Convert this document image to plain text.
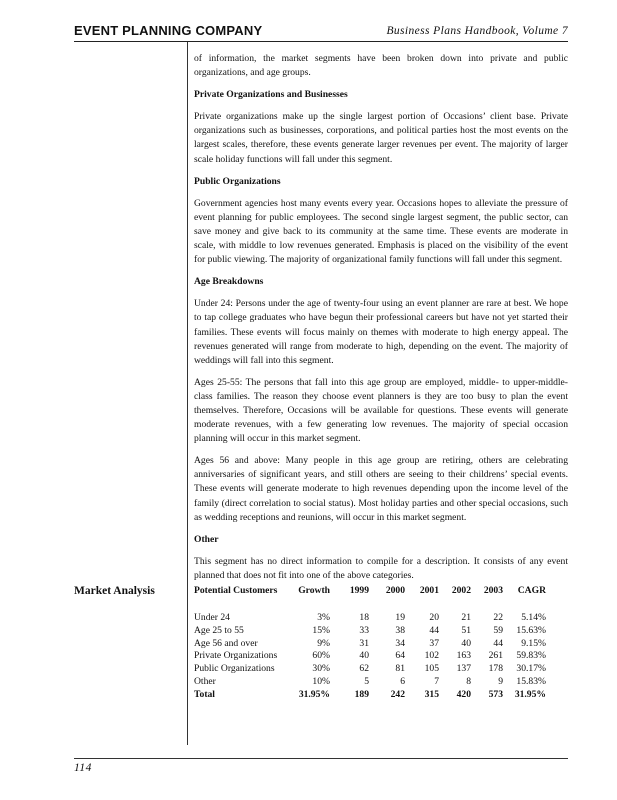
EVENT PLANNING COMPANY	Business Plans Handbook, Volume 7

of information, the market segments have been broken down into private and public organizations, and age groups.

Private Organizations and Businesses

Private organizations make up the single largest portion of Occasions’ client base. Private organizations such as businesses, corporations, and political parties host the most events on the largest scales, therefore, these events generate larger revenues per event. The majority of larger scale holiday functions will fall under this segment.

Public Organizations

Government agencies host many events every year. Occasions hopes to alleviate the pressure of event planning for public employees. The second single largest segment, the public sector, can save money and give back to its community at the same time. These events are moderate in scale, with middle to low revenues generated. Emphasis is placed on the visibility of the event for public viewing. The majority of organizational family functions will fall under this segment.

Age Breakdowns

Under 24: Persons under the age of twenty-four using an event planner are rare at best. We hope to tap college graduates who have begun their professional careers but have not yet started their families. These events will focus mainly on themes with moderate to high energy appeal. The revenues generated will range from moderate to high, depending on the event. The majority of weddings will fall into this segment.

Ages 25-55: The persons that fall into this age group are employed, middle- to upper-middle-class families. The reason they choose event planners is they are too busy to plan the event themselves. Therefore, Occasions will be available for questions. These events will generate moderate revenues, with a few generating low revenues. The majority of special occasion planning will occur in this market segment.

Ages 56 and above: Many people in this age group are retiring, others are celebrating anniversaries of significant years, and still others are seeing to their childrens’ special events. These events will generate moderate to high revenues depending upon the income level of the family (direct correlation to social status). Most holiday parties and other special occasions, such as wedding receptions and reunions, will occur in this market segment.

Other

This segment has no direct information to compile for a description. It consists of any event planned that does not fit into one of the above categories.

Market Analysis	Potential Customers	Growth	1999	2000	2001	2002	2003	CAGR
Under 24	3%	18	19	20	21	22	5.14%
Age 25 to 55	15%	33	38	44	51	59	15.63%
Age 56 and over	9%	31	34	37	40	44	9.15%
Private Organizations	60%	40	64	102	163	261	59.83%
Public Organizations	30%	62	81	105	137	178	30.17%
Other	10%	5	6	7	8	9	15.83%
Total	31.95%	189	242	315	420	573	31.95%
114
